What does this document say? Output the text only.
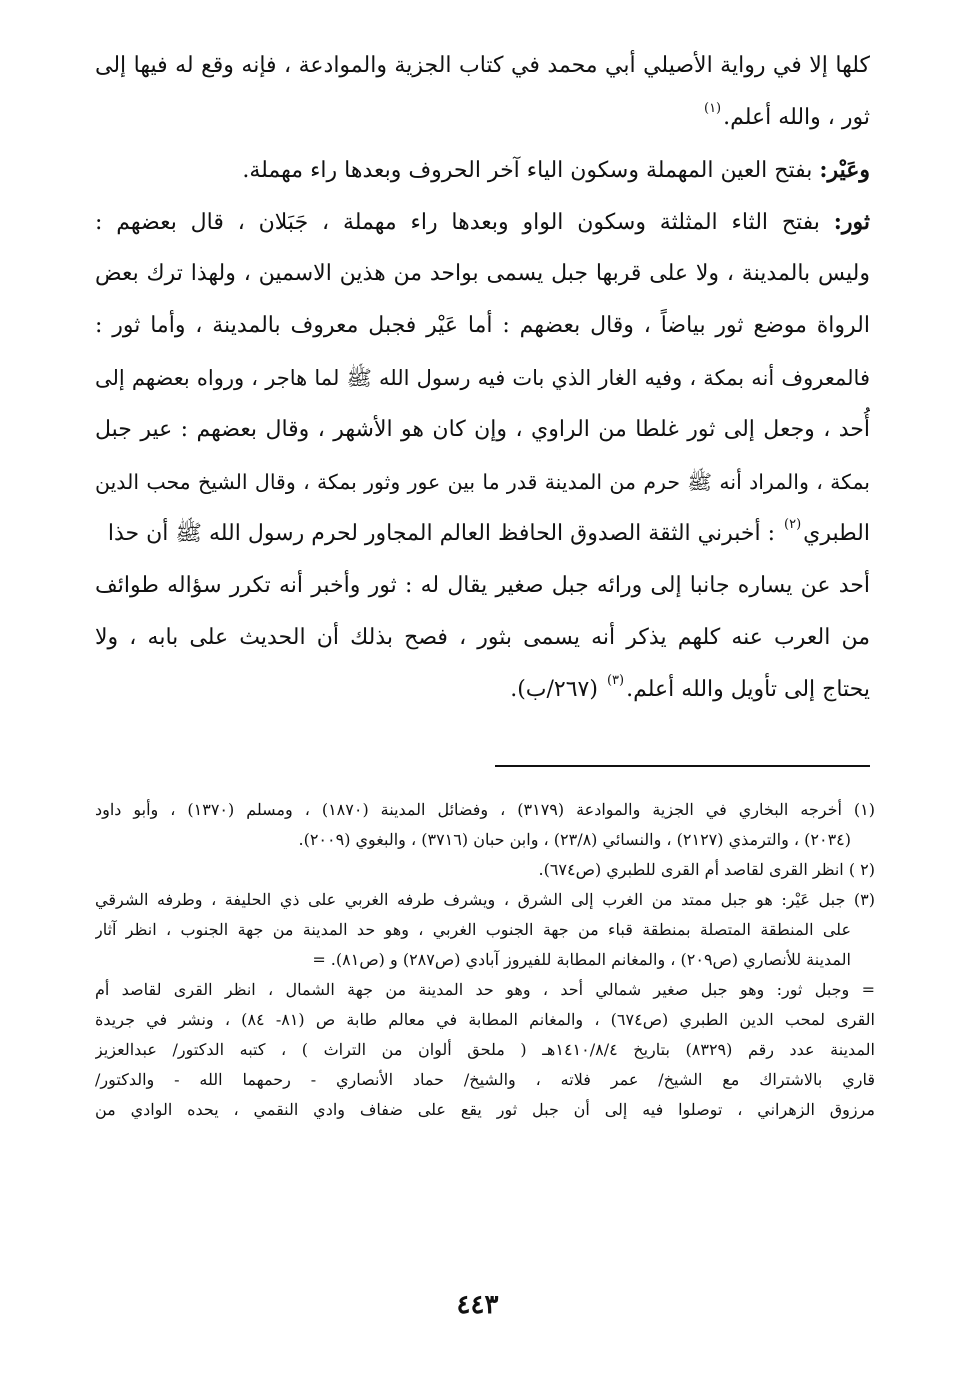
كلها إلا في رواية الأصيلي أبي محمد في كتاب الجزية والموادعة ، فإنه وقع له فيها إلى
ثور ، والله أعلم.$^{(١)}$
وعَيْر: بفتح العين المهملة وسكون الياء آخر الحروف وبعدها راء مهملة.
ثور: بفتح الثاء المثلثة وسكون الواو وبعدها راء مهملة ، جَبَلان ، قال بعضهم :
وليس بالمدينة ، ولا على قربها جبل يسمى بواحد من هذين الاسمين ، ولهذا ترك بعض
الرواة موضع ثور بياضاً ، وقال بعضهم : أما عَيْر فجبل معروف بالمدينة ، وأما ثور :
فالمعروف أنه بمكة ، وفيه الغار الذي بات فيه رسول الله ﷺ لما هاجر ، ورواه بعضهم إلى
أُحد ، وجعل إلى ثور غلطا من الراوي ، وإن كان هو الأشهر ، وقال بعضهم : عير جبل
بمكة ، والمراد أنه ﷺ حرم من المدينة قدر ما بين عور وثور بمكة ، وقال الشيخ محب الدين
الطبري$^{(٢)}$ : أخبرني الثقة الصدوق الحافظ العالم المجاور لحرم رسول الله ﷺ أن حذا
أحد عن يساره جانبا إلى ورائه جبل صغير يقال له : ثور وأخبر أنه تكرر سؤاله طوائف
من العرب عنه كلهم يذكر أنه يسمى بثور ، فصح بذلك أن الحديث على بابه ، ولا
يحتاج إلى تأويل والله أعلم.$^{(٣)}$ (٢٦٧/ب).
(١) أخرجه البخاري في الجزية والموادعة (٣١٧٩) ، وفضائل المدينة (١٨٧٠) ، ومسلم (١٣٧٠) ، وأبو داود
(٢٠٣٤) ، والترمذي (٢١٢٧) ، والنسائي (٢٣/٨) ، وابن حبان (٣٧١٦) ، والبغوي (٢٠٠٩).
(٢ ) انظر القرى لقاصد أم القرى للطبري (ص٦٧٤).
(٣) جبل عَيْر: هو جبل ممتد من الغرب إلى الشرق ، ويشرف طرفه الغربي على ذي الحليفة ، وطرفه الشرقي
على المنطقة المتصلة بمنطقة قباء من جهة الجنوب الغربي ، وهو حد المدينة من جهة الجنوب ، انظر آثار
المدينة للأنصاري (ص٢٠٩) ، والمغانم المطابة للفيروز آبادي (ص٢٨٧) و (ص٨١). =
= وجبل ثور: وهو جبل صغير شمالي أحد ، وهو حد المدينة من جهة الشمال ، انظر القرى لقاصد أم
القرى لمحب الدين الطبري (ص٦٧٤) ، والمغانم المطابة في معالم طابة ص (٨١- ٨٤) ، ونشر في جريدة
المدينة عدد رقم (٨٣٢٩) بتاريخ ١٤١٠/٨/٤هـ ( ملحق ألوان من التراث ) ، كتبه الدكتور/ عبدالعزيز
قاري بالاشتراك مع الشيخ/ عمر فلاته ، والشيخ/ حماد الأنصاري - رحمهما الله - والدكتور/
مرزوق الزهراني ، توصلوا فيه إلى أن جبل ثور يقع على ضفاف وادي النقمي ، يحده الوادي من
٤٤٣
